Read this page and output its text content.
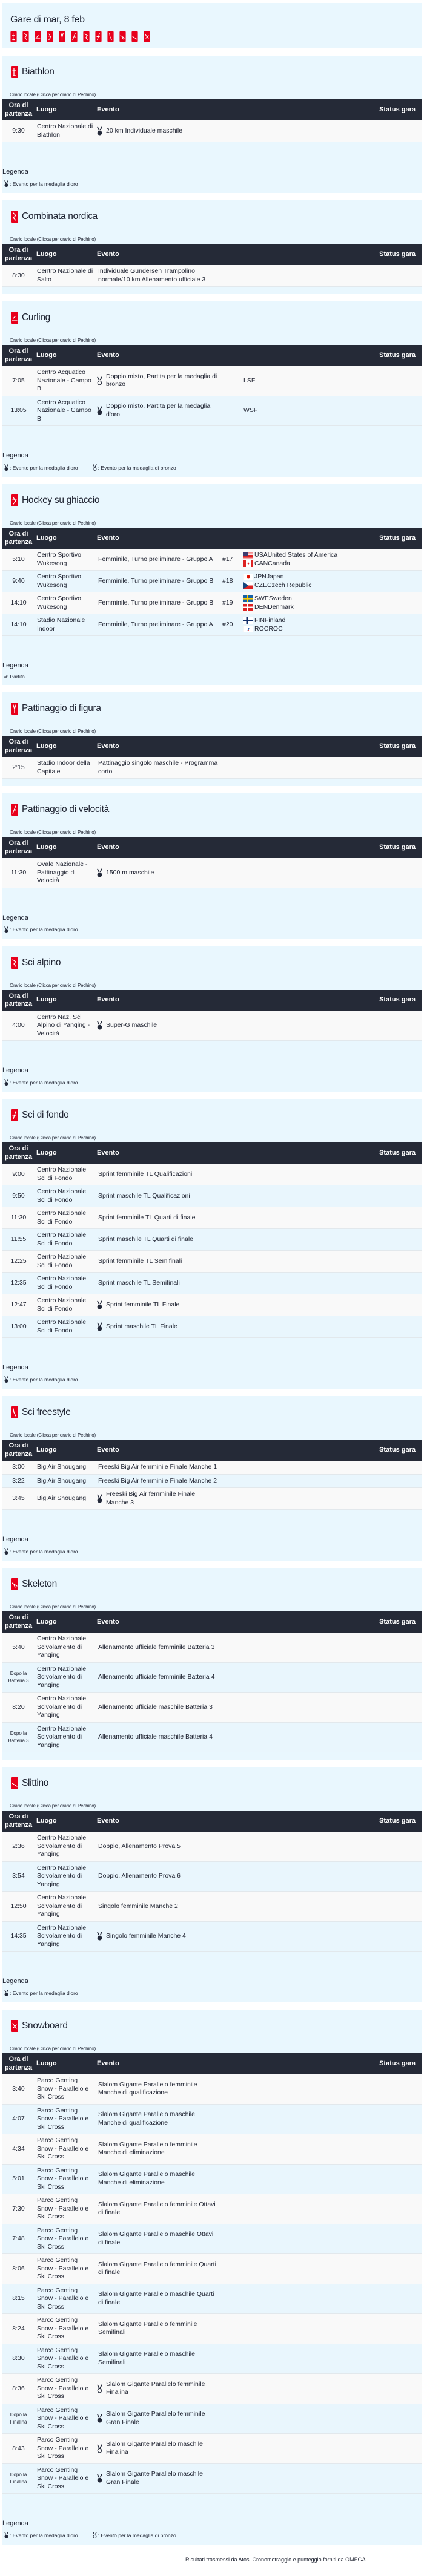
Gare di mar, 8 feb
Biathlon
Orario locale (Clicca per orario di Pechino)
Ora di partenza	Luogo	Evento			Status gara
9:30	Centro Nazionale di Biathlon	20 km Individuale maschile			

Legenda
: Evento per la medaglia d'oro
Combinata nordica
Orario locale (Clicca per orario di Pechino)
Ora di partenza	Luogo	Evento			Status gara
8:30	Centro Nazionale di Salto	Individuale Gundersen Trampolino normale/10 km Allenamento ufficiale 3			

Curling
Orario locale (Clicca per orario di Pechino)
Ora di partenza	Luogo	Evento			Status gara
7:05	Centro Acquatico Nazionale - Campo B	Doppio misto, Partita per la medaglia di bronzo		LSF	
13:05	Centro Acquatico Nazionale - Campo B	Doppio misto, Partita per la medaglia d'oro		WSF	
Legenda
: Evento per la medaglia d'oro	: Evento per la medaglia di bronzo
Hockey su ghiaccio
Orario locale (Clicca per orario di Pechino)
Ora di partenza	Luogo	Evento			Status gara
5:10	Centro Sportivo Wukesong	Femminile, Turno preliminare - Gruppo A	#17	USA United States of America
CAN Canada	

9:40	Centro Sportivo Wukesong	Femminile, Turno preliminare - Gruppo B	#18	JPN Japan
CZE Czech Republic	

14:10	Centro Sportivo Wukesong	Femminile, Turno preliminare - Gruppo B	#19	SWE Sweden
DEN Denmark	

14:10	Stadio Nazionale Indoor	Femminile, Turno preliminare - Gruppo A	#20	FIN Finland
ROC ROC	

Legenda
#: Partita
Pattinaggio di figura
Orario locale (Clicca per orario di Pechino)
Ora di partenza	Luogo	Evento			Status gara
2:15	Stadio Indoor della Capitale	Pattinaggio singolo maschile - Programma corto			

Pattinaggio di velocità
Orario locale (Clicca per orario di Pechino)
Ora di partenza	Luogo	Evento			Status gara
11:30	Ovale Nazionale - Pattinaggio di Velocità	1500 m maschile			

Legenda
: Evento per la medaglia d'oro
Sci alpino
Orario locale (Clicca per orario di Pechino)
Ora di partenza	Luogo	Evento			Status gara
4:00	Centro Naz. Sci Alpino di Yanqing - Velocità	Super-G maschile			

Legenda
: Evento per la medaglia d'oro
Sci di fondo
Orario locale (Clicca per orario di Pechino)
Ora di partenza	Luogo	Evento			Status gara
9:00	Centro Nazionale Sci di Fondo	Sprint femminile TL Qualificazioni			

9:50	Centro Nazionale Sci di Fondo	Sprint maschile TL Qualificazioni			

11:30	Centro Nazionale Sci di Fondo	Sprint femminile TL Quarti di finale			

11:55	Centro Nazionale Sci di Fondo	Sprint maschile TL Quarti di finale			

12:25	Centro Nazionale Sci di Fondo	Sprint femminile TL Semifinali			

12:35	Centro Nazionale Sci di Fondo	Sprint maschile TL Semifinali			

12:47	Centro Nazionale Sci di Fondo	Sprint femminile TL Finale			

13:00	Centro Nazionale Sci di Fondo	Sprint maschile TL Finale			

Legenda
: Evento per la medaglia d'oro
Sci freestyle
Orario locale (Clicca per orario di Pechino)
Ora di partenza	Luogo	Evento			Status gara
3:00	Big Air Shougang	Freeski Big Air femminile Finale Manche 1			

3:22	Big Air Shougang	Freeski Big Air femminile Finale Manche 2			

3:45	Big Air Shougang	Freeski Big Air femminile Finale Manche 3			

Legenda
: Evento per la medaglia d'oro
Skeleton
Orario locale (Clicca per orario di Pechino)
Ora di partenza	Luogo	Evento			Status gara
5:40	Centro Nazionale Scivolamento di Yanqing	Allenamento ufficiale femminile Batteria 3			

Dopo la Batteria 3	Centro Nazionale Scivolamento di Yanqing	Allenamento ufficiale femminile Batteria 4			

8:20	Centro Nazionale Scivolamento di Yanqing	Allenamento ufficiale maschile Batteria 3			

Dopo la Batteria 3	Centro Nazionale Scivolamento di Yanqing	Allenamento ufficiale maschile Batteria 4			

Slittino
Orario locale (Clicca per orario di Pechino)
Ora di partenza	Luogo	Evento			Status gara
2:36	Centro Nazionale Scivolamento di Yanqing	Doppio, Allenamento Prova 5			

3:54	Centro Nazionale Scivolamento di Yanqing	Doppio, Allenamento Prova 6			

12:50	Centro Nazionale Scivolamento di Yanqing	Singolo femminile Manche 2			

14:35	Centro Nazionale Scivolamento di Yanqing	Singolo femminile Manche 4			

Legenda
: Evento per la medaglia d'oro
Snowboard
Orario locale (Clicca per orario di Pechino)
Ora di partenza	Luogo	Evento			Status gara
3:40	Parco Genting Snow - Parallelo e Ski Cross	Slalom Gigante Parallelo femminile Manche di qualificazione			

4:07	Parco Genting Snow - Parallelo e Ski Cross	Slalom Gigante Parallelo maschile Manche di qualificazione			

4:34	Parco Genting Snow - Parallelo e Ski Cross	Slalom Gigante Parallelo femminile Manche di eliminazione			

5:01	Parco Genting Snow - Parallelo e Ski Cross	Slalom Gigante Parallelo maschile Manche di eliminazione			

7:30	Parco Genting Snow - Parallelo e Ski Cross	Slalom Gigante Parallelo femminile Ottavi di finale			

7:48	Parco Genting Snow - Parallelo e Ski Cross	Slalom Gigante Parallelo maschile Ottavi di finale			

8:06	Parco Genting Snow - Parallelo e Ski Cross	Slalom Gigante Parallelo femminile Quarti di finale			

8:15	Parco Genting Snow - Parallelo e Ski Cross	Slalom Gigante Parallelo maschile Quarti di finale			

8:24	Parco Genting Snow - Parallelo e Ski Cross	Slalom Gigante Parallelo femminile Semifinali			

8:30	Parco Genting Snow - Parallelo e Ski Cross	Slalom Gigante Parallelo maschile Semifinali			

8:36	Parco Genting Snow - Parallelo e Ski Cross	Slalom Gigante Parallelo femminile Finalina			

Dopo la Finalina	Parco Genting Snow - Parallelo e Ski Cross	Slalom Gigante Parallelo femminile Gran Finale			

8:43	Parco Genting Snow - Parallelo e Ski Cross	Slalom Gigante Parallelo maschile Finalina			

Dopo la Finalina	Parco Genting Snow - Parallelo e Ski Cross	Slalom Gigante Parallelo maschile Gran Finale			

Legenda
: Evento per la medaglia d'oro	: Evento per la medaglia di bronzo
Risultati trasmessi da Atos. Cronometraggio e punteggio forniti da OMEGA
